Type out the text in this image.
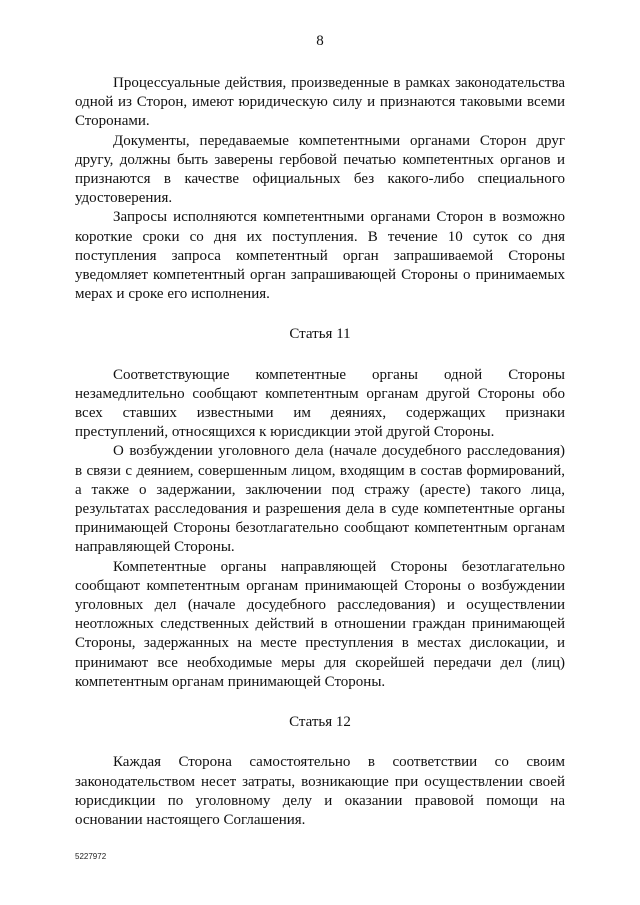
8

Процессуальные действия, произведенные в рамках законодательства одной из Сторон, имеют юридическую силу и признаются таковыми всеми Сторонами.

Документы, передаваемые компетентными органами Сторон друг другу, должны быть заверены гербовой печатью компетентных органов и признаются в качестве официальных без какого-либо специального удостоверения.

Запросы исполняются компетентными органами Сторон в возможно короткие сроки со дня их поступления. В течение 10 суток со дня поступления запроса компетентный орган запрашиваемой Стороны уведомляет компетентный орган запрашивающей Стороны о принимаемых мерах и сроке его исполнения.

Статья 11

Соответствующие компетентные органы одной Стороны незамедлительно сообщают компетентным органам другой Стороны обо всех ставших известными им деяниях, содержащих признаки преступлений, относящихся к юрисдикции этой другой Стороны.

О возбуждении уголовного дела (начале досудебного расследования) в связи с деянием, совершенным лицом, входящим в состав формирований, а также о задержании, заключении под стражу (аресте) такого лица, результатах расследования и разрешения дела в суде компетентные органы принимающей Стороны безотлагательно сообщают компетентным органам направляющей Стороны.

Компетентные органы направляющей Стороны безотлагательно сообщают компетентным органам принимающей Стороны о возбуждении уголовных дел (начале досудебного расследования) и осуществлении неотложных следственных действий в отношении граждан принимающей Стороны, задержанных на месте преступления в местах дислокации, и принимают все необходимые меры для скорейшей передачи дел (лиц) компетентным органам принимающей Стороны.

Статья 12

Каждая Сторона самостоятельно в соответствии со своим законодательством несет затраты, возникающие при осуществлении своей юрисдикции по уголовному делу и оказании правовой помощи на основании настоящего Соглашения.

5227972
